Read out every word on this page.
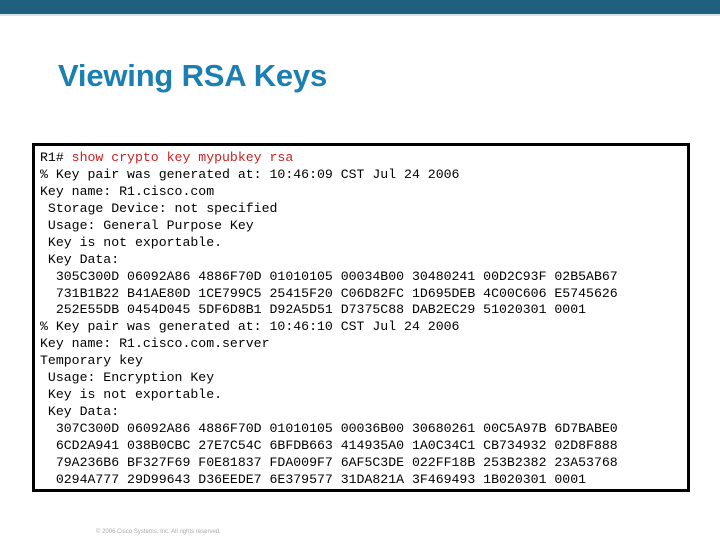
Viewing RSA Keys
R1# show crypto key mypubkey rsa
% Key pair was generated at: 10:46:09 CST Jul 24 2006
Key name: R1.cisco.com
Storage Device: not specified
Usage: General Purpose Key
Key is not exportable.
Key Data:
305C300D 06092A86 4886F70D 01010105 00034B00 30480241 00D2C93F 02B5AB67
731B1B22 B41AE80D 1CE799C5 25415F20 C06D82FC 1D695DEB 4C00C606 E5745626
252E55DB 0454D045 5DF6D8B1 D92A5D51 D7375C88 DAB2EC29 51020301 0001
% Key pair was generated at: 10:46:10 CST Jul 24 2006
Key name: R1.cisco.com.server
Temporary key
Usage: Encryption Key
Key is not exportable.
Key Data:
307C300D 06092A86 4886F70D 01010105 00036B00 30680261 00C5A97B 6D7BABE0
6CD2A941 038B0CBC 27E7C54C 6BFDB663 414935A0 1A0C34C1 CB734932 02D8F888
79A236B6 BF327F69 F0E81837 FDA009F7 6AF5C3DE 022FF18B 253B2382 23A53768
0294A777 29D99643 D36EEDE7 6E379577 31DA821A 3F469493 1B020301 0001
© 2006 Cisco Systems, Inc. All rights reserved.
